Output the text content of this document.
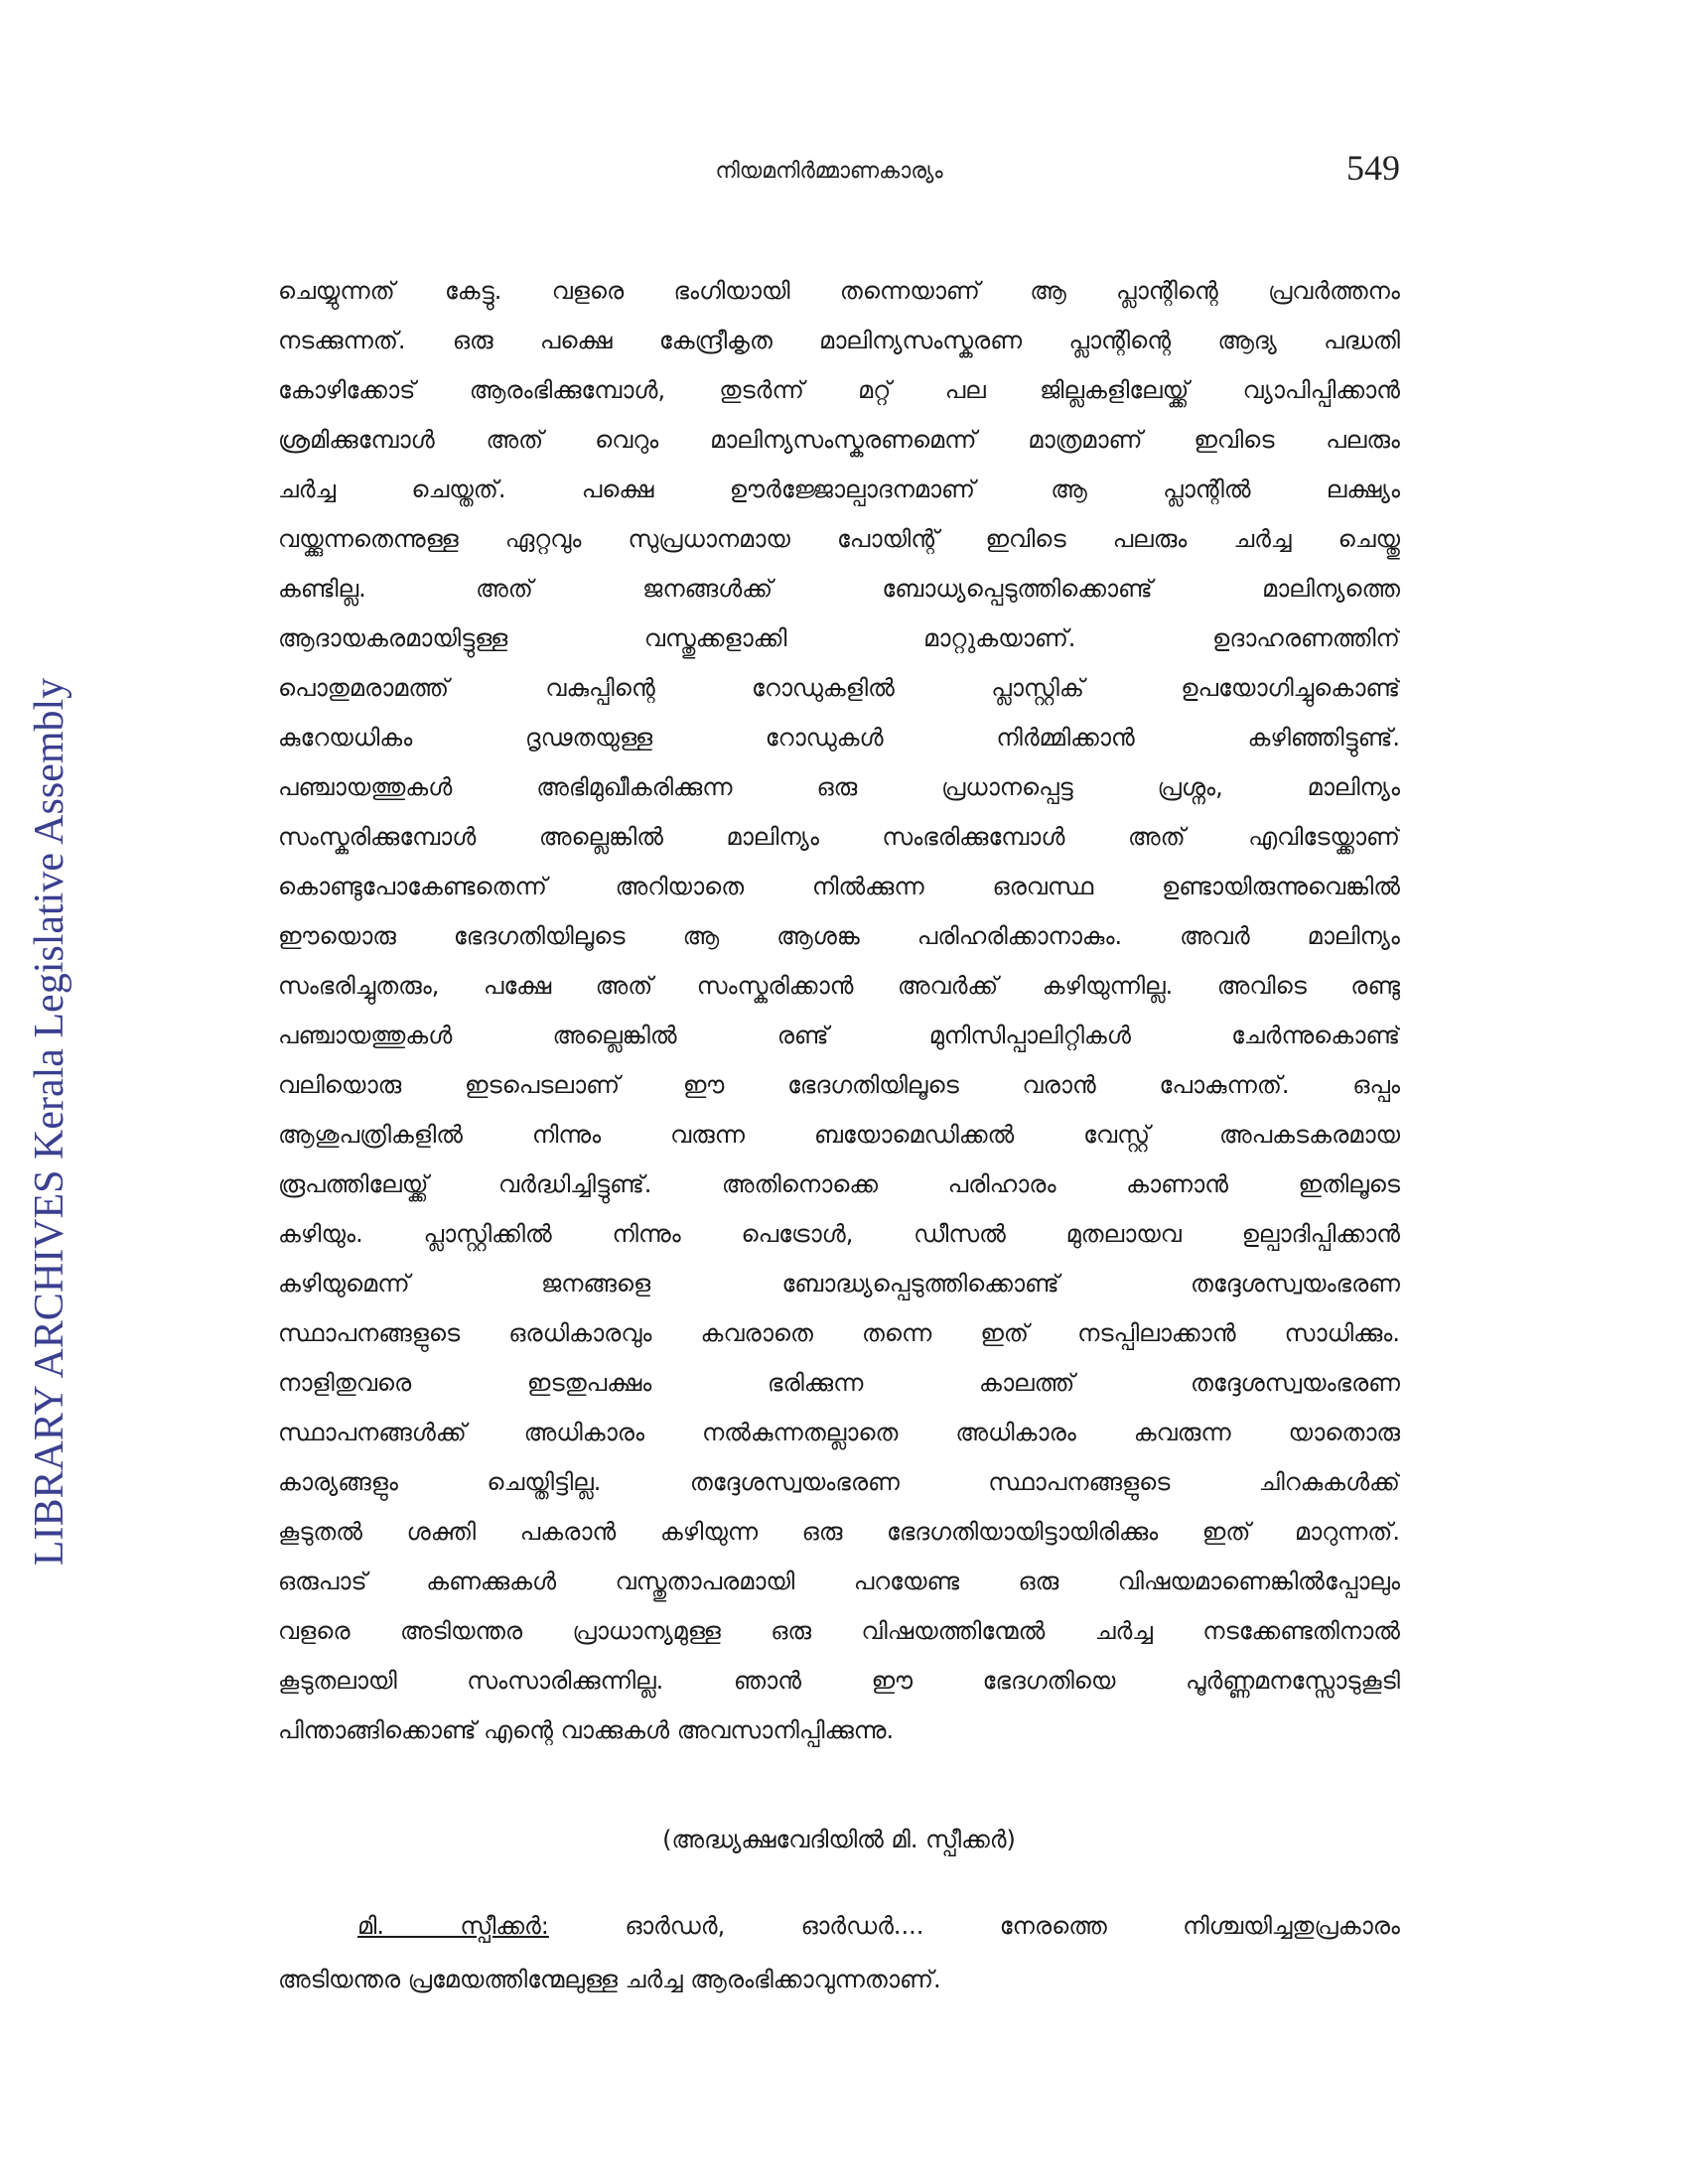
നിയമനിർമ്മാണകാര്യം	549
LIBRARY ARCHIVES Kerala Legislative Assembly
ചെയ്യുന്നത് കേട്ടു. വളരെ ഭംഗിയായി തന്നെയാണ് ആ പ്ലാന്റിന്റെ പ്രവർത്തനം
നടക്കുന്നത്. ഒരു പക്ഷെ കേന്ദ്രീകൃത മാലിന്യസംസ്കരണ പ്ലാന്റിന്റെ ആദ്യ പദ്ധതി
കോഴിക്കോട് ആരംഭിക്കുമ്പോൾ, തുടർന്ന് മറ്റ് പല ജില്ലകളിലേയ്ക്ക് വ്യാപിപ്പിക്കാൻ
ശ്രമിക്കുമ്പോൾ അത് വെറും മാലിന്യസംസ്കരണമെന്ന് മാത്രമാണ് ഇവിടെ പലരും
ചർച്ച ചെയ്തത്. പക്ഷെ ഊർജ്ജോല്പാദനമാണ് ആ പ്ലാന്റിൽ ലക്ഷ്യം
വയ്ക്കുന്നതെന്നുള്ള ഏറ്റവും സുപ്രധാനമായ പോയിന്റ് ഇവിടെ പലരും ചർച്ച ചെയ്തു
കണ്ടില്ല. അത് ജനങ്ങൾക്ക് ബോധ്യപ്പെടുത്തിക്കൊണ്ട് മാലിന്യത്തെ
ആദായകരമായിട്ടുള്ള വസ്തുക്കളാക്കി മാറ്റുകയാണ്. ഉദാഹരണത്തിന്
പൊതുമരാമത്ത് വകുപ്പിന്റെ റോഡുകളിൽ പ്ലാസ്റ്റിക് ഉപയോഗിച്ചുകൊണ്ട്
കുറേയധികം ദൃഢതയുള്ള റോഡുകൾ നിർമ്മിക്കാൻ കഴിഞ്ഞിട്ടുണ്ട്.
പഞ്ചായത്തുകൾ അഭിമുഖീകരിക്കുന്ന ഒരു പ്രധാനപ്പെട്ട പ്രശ്നം, മാലിന്യം
സംസ്കരിക്കുമ്പോൾ അല്ലെങ്കിൽ മാലിന്യം സംഭരിക്കുമ്പോൾ അത് എവിടേയ്ക്കാണ്
കൊണ്ടുപോകേണ്ടതെന്ന് അറിയാതെ നിൽക്കുന്ന ഒരവസ്ഥ ഉണ്ടായിരുന്നുവെങ്കിൽ
ഈയൊരു ഭേദഗതിയിലൂടെ ആ ആശങ്ക പരിഹരിക്കാനാകും. അവർ മാലിന്യം
സംഭരിച്ചുതരും, പക്ഷേ അത് സംസ്കരിക്കാൻ അവർക്ക് കഴിയുന്നില്ല. അവിടെ രണ്ടു
പഞ്ചായത്തുകൾ അല്ലെങ്കിൽ രണ്ട് മുനിസിപ്പാലിറ്റികൾ ചേർന്നുകൊണ്ട്
വലിയൊരു ഇടപെടലാണ് ഈ ഭേദഗതിയിലൂടെ വരാൻ പോകുന്നത്. ഒപ്പം
ആശുപത്രികളിൽ നിന്നും വരുന്ന ബയോമെഡിക്കൽ വേസ്റ്റ് അപകടകരമായ
രൂപത്തിലേയ്ക്ക് വർദ്ധിച്ചിട്ടുണ്ട്. അതിനൊക്കെ പരിഹാരം കാണാൻ ഇതിലൂടെ
കഴിയും. പ്ലാസ്റ്റിക്കിൽ നിന്നും പെട്രോൾ, ഡീസൽ മുതലായവ ഉല്പാദിപ്പിക്കാൻ
കഴിയുമെന്ന് ജനങ്ങളെ ബോദ്ധ്യപ്പെടുത്തിക്കൊണ്ട് തദ്ദേശസ്വയംഭരണ
സ്ഥാപനങ്ങളുടെ ഒരധികാരവും കവരാതെ തന്നെ ഇത് നടപ്പിലാക്കാൻ സാധിക്കും.
നാളിതുവരെ ഇടതുപക്ഷം ഭരിക്കുന്ന കാലത്ത് തദ്ദേശസ്വയംഭരണ
സ്ഥാപനങ്ങൾക്ക് അധികാരം നൽകുന്നതല്ലാതെ അധികാരം കവരുന്ന യാതൊരു
കാര്യങ്ങളും ചെയ്തിട്ടില്ല. തദ്ദേശസ്വയംഭരണ സ്ഥാപനങ്ങളുടെ ചിറകുകൾക്ക്
കൂടുതൽ ശക്തി പകരാൻ കഴിയുന്ന ഒരു ഭേദഗതിയായിട്ടായിരിക്കും ഇത് മാറുന്നത്.
ഒരുപാട് കണക്കുകൾ വസ്തുതാപരമായി പറയേണ്ട ഒരു വിഷയമാണെങ്കിൽപ്പോലും
വളരെ അടിയന്തര പ്രാധാന്യമുള്ള ഒരു വിഷയത്തിന്മേൽ ചർച്ച നടക്കേണ്ടതിനാൽ
കൂടുതലായി സംസാരിക്കുന്നില്ല. ഞാൻ ഈ ഭേദഗതിയെ പൂർണ്ണമനസ്സോടുകൂടി
പിന്താങ്ങിക്കൊണ്ട് എന്റെ വാക്കുകൾ അവസാനിപ്പിക്കുന്നു.
(അദ്ധ്യക്ഷവേദിയിൽ മി. സ്പീക്കർ)
മി. സ്പീക്കർ:	ഓർഡർ, ഓർഡർ.... നേരത്തെ നിശ്ചയിച്ചതുപ്രകാരം
അടിയന്തര പ്രമേയത്തിന്മേലുള്ള ചർച്ച ആരംഭിക്കാവുന്നതാണ്.
